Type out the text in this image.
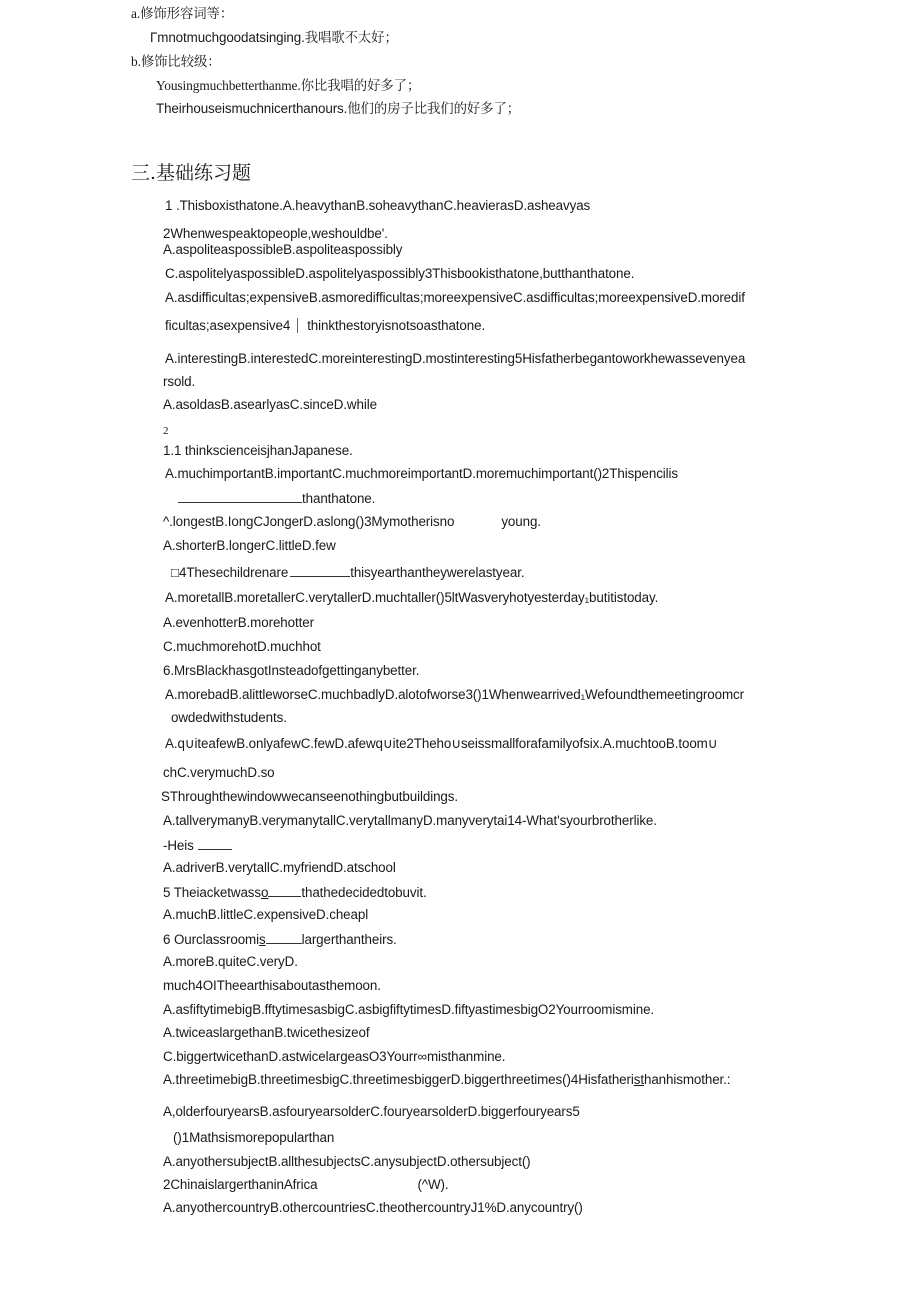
a.修饰形容词等：
Γmnotmuchgoodatsinging.我唱歌不太好；
b.修饰比较级：
Yousingmuchbetterthanme.你比我唱的好多了；
Theirhouseismuchnicerthanours.他们的房子比我们的好多了；
三.基础练习题
1 .Thisboxisthatone.A.heavythanB.soheavythanC.heavierasD.asheavyas
2Whenwespeaktopeople,weshouldbe'.
A.aspoliteaspossibleB.aspoliteaspossibly
C.aspolitelyaspossibleD.aspolitelyaspossibly3Thisbookisthatone,butthanthatone.
A.asdifficultas;expensiveB.asmoredifficultas;moreexpensiveC.asdifficultas;moreexpensiveD.moredif
ficultas;asexpensive4 thinkthestoryisnotsoasthatone.
A.interestingB.interestedC.moreinterestingD.mostinteresting5Hisfatherbegantoworkhewassevenyea
rsold.
A.asoldasB.asearlyasC.sinceD.while
2
1.1 thinkscienceisjhanJapanese.
A.muchimportantB.importantC.muchmoreimportantD.moremuchimportant()2Thispencilis
thanthatone.
^.longestB.IongCJongerD.aslong()3Mymotherisno	young.
A.shorterB.longerC.littleD.few
□4Thesechildrenare	thisyearthantheywerelastyear.
A.moretallB.moretallerC.verytallerD.muchtaller()5ltWasveryhotyesterday₁butitistoday.
A.evenhotterB.morehotter
C.muchmorehotD.muchhot
6.MrsBlackhasgotInsteadofgettinganybetter.
A.morebadB.alittleworseC.muchbadlyD.alotofworse3()1Whenwearrived₁Wefoundthemeetingroomcr
owdedwithstudents.
A.q∪iteafewB.onlyafewC.fewD.afewq∪ite2Theho∪seissmallforafamilyofsix.A.muchtooB.toom∪
chC.verymuchD.so
SThroughthewindowwecanseenothingbutbuildings.
A.tallverymanyB.verymanytallC.verytallmanyD.manyverytai14-What'syourbrotherlike.
-Heis
A.adriverB.verytallC.myfriendD.atschool
5 Theiacketwasso thathedecidedtobuvit.
A.muchB.littleC.expensiveD.cheapl
6 Ourclassroomis	largerthantheirs.
A.moreB.quiteC.veryD.
much4OITheearthisaboutasthemoon.
A.asfiftytimebigB.fftytimesasbigC.asbigfiftytimesD.fiftyastimesbigO2Yourroomismine.
A.twiceaslargethanB.twicethesizeof
C.biggertwicethanD.astwicelargeasO3Yourr∞misthanmine.
A.threetimebigB.threetimesbigC.threetimesbiggerD.biggerthreetimes()4Hisfatheristhanhismother.:
A,olderfouryearsB.asfouryearsolderC.fouryearsolderD.biggerfouryears5
()1Mathsismorepopularthan
A.anyothersubjectB.allthesubjectsC.anysubjectD.othersubject()
2ChinaislargerthaninAfrica	(^W).
A.anyothercountryB.othercountriesC.theothercountryJ1%D.anycountry()
